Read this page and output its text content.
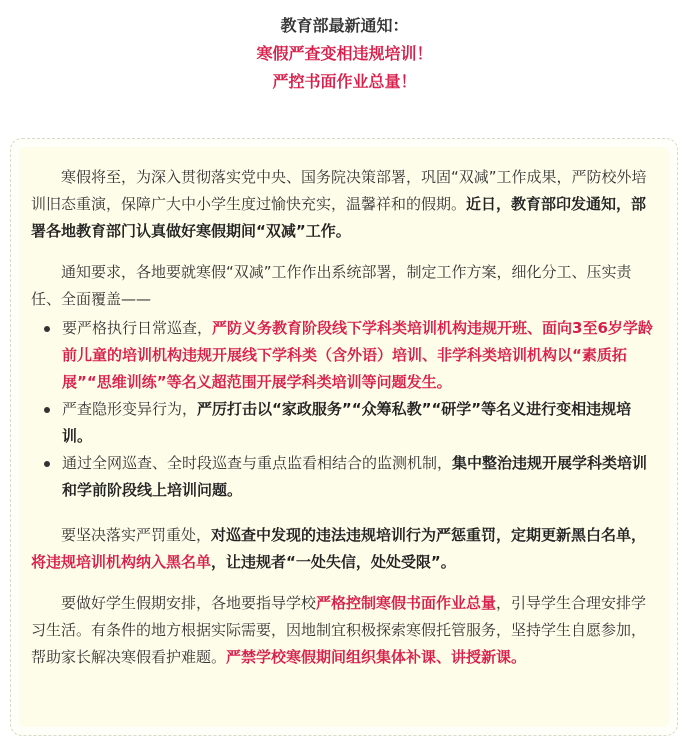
教育部最新通知：
寒假严查变相违规培训！
严控书面作业总量！

寒假将至，为深入贯彻落实党中央、国务院决策部署，巩固“双减”工作成果，严防校外培训旧态重演，保障广大中小学生度过愉快充实，温馨祥和的假期。近日，教育部印发通知，部署各地教育部门认真做好寒假期间“双减”工作。

通知要求，各地要就寒假“双减”工作作出系统部署，制定工作方案，细化分工、压实责任、全面覆盖——

要严格执行日常巡查，严防义务教育阶段线下学科类培训机构违规开班、面向3至6岁学龄前儿童的培训机构违规开展线下学科类（含外语）培训、非学科类培训机构以“素质拓展”“思维训练”等名义超范围开展学科类培训等问题发生。
严查隐形变异行为，严厉打击以“家政服务”“众筹私教”“研学”等名义进行变相违规培训。
通过全网巡查、全时段巡查与重点监看相结合的监测机制，集中整治违规开展学科类培训和学前阶段线上培训问题。

要坚决落实严罚重处，对巡查中发现的违法违规培训行为严惩重罚，定期更新黑白名单，将违规培训机构纳入黑名单，让违规者“一处失信，处处受限”。

要做好学生假期安排，各地要指导学校严格控制寒假书面作业总量，引导学生合理安排学习生活。有条件的地方根据实际需要，因地制宜积极探索寒假托管服务，坚持学生自愿参加，帮助家长解决寒假看护难题。严禁学校寒假期间组织集体补课、讲授新课。
